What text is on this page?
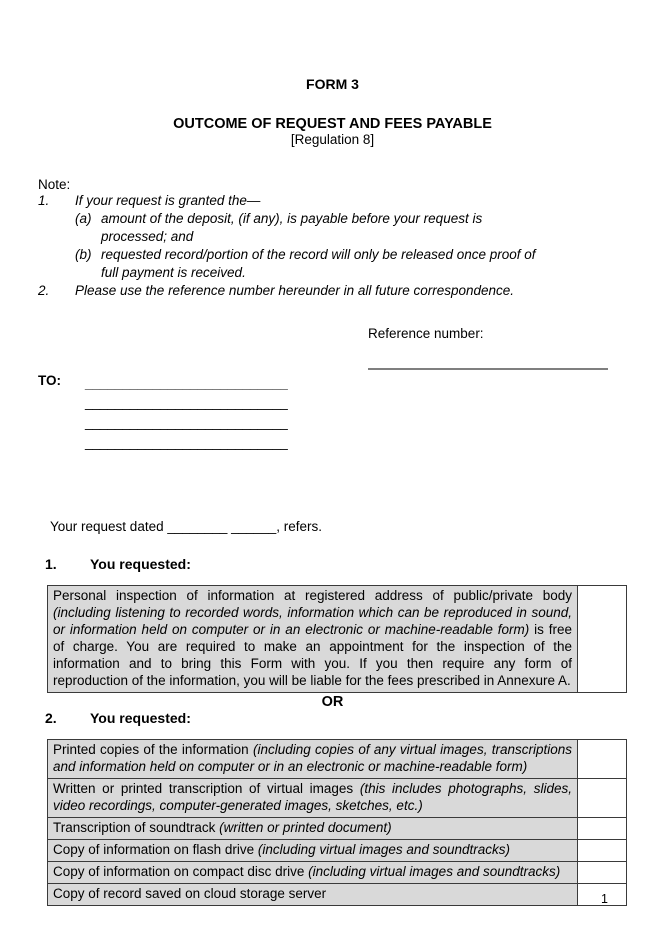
FORM 3
OUTCOME OF REQUEST AND FEES PAYABLE
[Regulation 8]
Note:
1.	If your request is granted the—
(a) amount of the deposit, (if any), is payable before your request is processed; and
(b) requested record/portion of the record will only be released once proof of full payment is received.
2.	Please use the reference number hereunder in all future correspondence.
Reference number:
TO:	___________________________
___________________________
___________________________
___________________________
Your request dated ________ ______, refers.
1.	You requested:
Personal inspection of information at registered address of public/private body (including listening to recorded words, information which can be reproduced in sound, or information held on computer or in an electronic or machine-readable form) is free of charge. You are required to make an appointment for the inspection of the information and to bring this Form with you. If you then require any form of reproduction of the information, you will be liable for the fees prescribed in Annexure A.	
OR
2.	You requested:
Printed copies of the information (including copies of any virtual images, transcriptions and information held on computer or in an electronic or machine-readable form)	
Written or printed transcription of virtual images (this includes photographs, slides, video recordings, computer-generated images, sketches, etc.)	
Transcription of soundtrack (written or printed document)	
Copy of information on flash drive (including virtual images and soundtracks)	
Copy of information on compact disc drive (including virtual images and soundtracks)	
Copy of record saved on cloud storage server		1
